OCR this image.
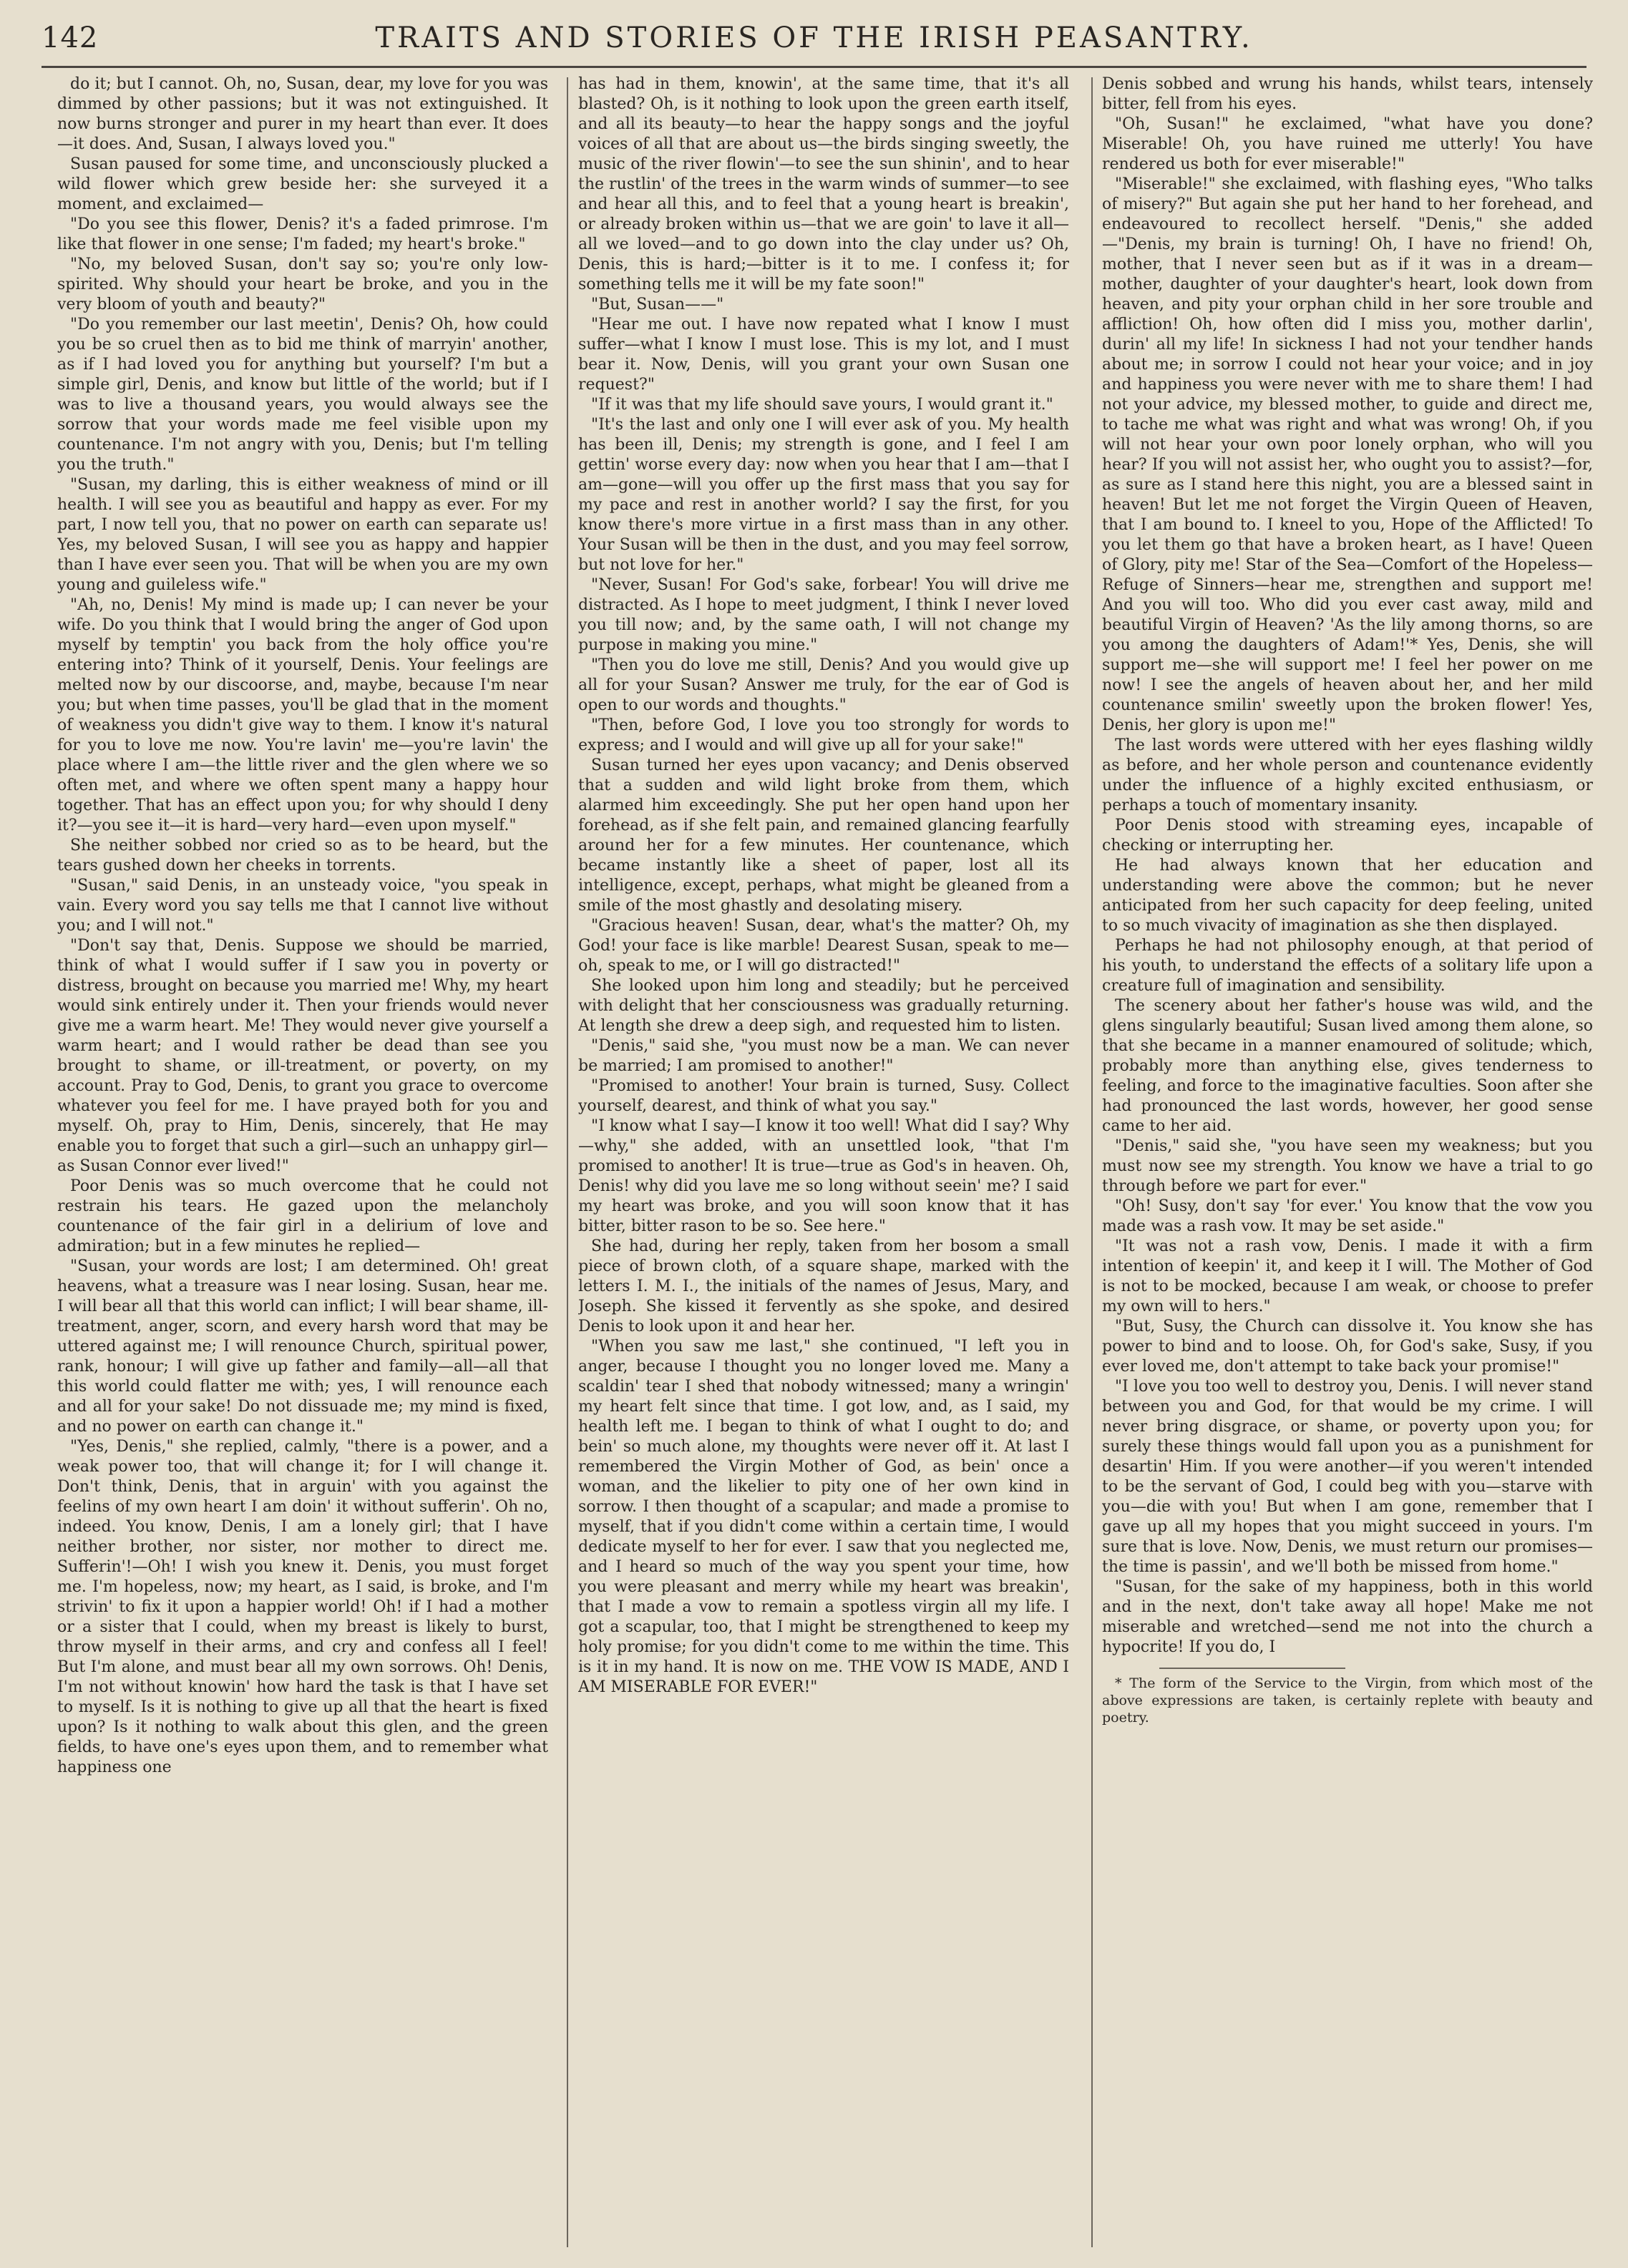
142	TRAITS AND STORIES OF THE IRISH PEASANTRY.

do it; but I cannot. Oh, no, Susan, dear, my love for you was dimmed by other passions; but it was not extinguished. It now burns stronger and purer in my heart than ever. It does—it does. And, Susan, I always loved you."

Susan paused for some time, and unconsciously plucked a wild flower which grew beside her: she surveyed it a moment, and exclaimed—

"Do you see this flower, Denis? it's a faded primrose. I'm like that flower in one sense; I'm faded; my heart's broke."

"No, my beloved Susan, don't say so; you're only low-spirited. Why should your heart be broke, and you in the very bloom of youth and beauty?"

"Do you remember our last meetin', Denis? Oh, how could you be so cruel then as to bid me think of marryin' another, as if I had loved you for anything but yourself? I'm but a simple girl, Denis, and know but little of the world; but if I was to live a thousand years, you would always see the sorrow that your words made me feel visible upon my countenance. I'm not angry with you, Denis; but I'm telling you the truth."

"Susan, my darling, this is either weakness of mind or ill health. I will see you as beautiful and happy as ever. For my part, I now tell you, that no power on earth can separate us! Yes, my beloved Susan, I will see you as happy and happier than I have ever seen you. That will be when you are my own young and guileless wife."

"Ah, no, Denis! My mind is made up; I can never be your wife. Do you think that I would bring the anger of God upon myself by temptin' you back from the holy office you're entering into? Think of it yourself, Denis. Your feelings are melted now by our discoorse, and, maybe, because I'm near you; but when time passes, you'll be glad that in the moment of weakness you didn't give way to them. I know it's natural for you to love me now. You're lavin' me—you're lavin' the place where I am—the little river and the glen where we so often met, and where we often spent many a happy hour together. That has an effect upon you; for why should I deny it?—you see it—it is hard—very hard—even upon myself."

She neither sobbed nor cried so as to be heard, but the tears gushed down her cheeks in torrents.

"Susan," said Denis, in an unsteady voice, "you speak in vain. Every word you say tells me that I cannot live without you; and I will not."

"Don't say that, Denis. Suppose we should be married, think of what I would suffer if I saw you in poverty or distress, brought on because you married me! Why, my heart would sink entirely under it. Then your friends would never give me a warm heart. Me! They would never give yourself a warm heart; and I would rather be dead than see you brought to shame, or ill-treatment, or poverty, on my account. Pray to God, Denis, to grant you grace to overcome whatever you feel for me. I have prayed both for you and myself. Oh, pray to Him, Denis, sincerely, that He may enable you to forget that such a girl—such an unhappy girl—as Susan Connor ever lived!"

Poor Denis was so much overcome that he could not restrain his tears. He gazed upon the melancholy countenance of the fair girl in a delirium of love and admiration; but in a few minutes he replied—

"Susan, your words are lost; I am determined. Oh! great heavens, what a treasure was I near losing. Susan, hear me. I will bear all that this world can inflict; I will bear shame, ill-treatment, anger, scorn, and every harsh word that may be uttered against me; I will renounce Church, spiritual power, rank, honour; I will give up father and family—all—all that this world could flatter me with; yes, I will renounce each and all for your sake! Do not dissuade me; my mind is fixed, and no power on earth can change it."

"Yes, Denis," she replied, calmly, "there is a power, and a weak power too, that will change it; for I will change it. Don't think, Denis, that in arguin' with you against the feelins of my own heart I am doin' it without sufferin'. Oh no, indeed. You know, Denis, I am a lonely girl; that I have neither brother, nor sister, nor mother to direct me. Sufferin'!—Oh! I wish you knew it. Denis, you must forget me. I'm hopeless, now; my heart, as I said, is broke, and I'm strivin' to fix it upon a happier world! Oh! if I had a mother or a sister that I could, when my breast is likely to burst, throw myself in their arms, and cry and confess all I feel! But I'm alone, and must bear all my own sorrows. Oh! Denis, I'm not without knowin' how hard the task is that I have set to myself. Is it is nothing to give up all that the heart is fixed upon? Is it nothing to walk about this glen, and the green fields, to have one's eyes upon them, and to remember what happiness one

has had in them, knowin', at the same time, that it's all blasted? Oh, is it nothing to look upon the green earth itself, and all its beauty—to hear the happy songs and the joyful voices of all that are about us—the birds singing sweetly, the music of the river flowin'—to see the sun shinin', and to hear the rustlin' of the trees in the warm winds of summer—to see and hear all this, and to feel that a young heart is breakin', or already broken within us—that we are goin' to lave it all—all we loved—and to go down into the clay under us? Oh, Denis, this is hard;—bitter is it to me. I confess it; for something tells me it will be my fate soon!"

"But, Susan——"

"Hear me out. I have now repated what I know I must suffer—what I know I must lose. This is my lot, and I must bear it. Now, Denis, will you grant your own Susan one request?"

"If it was that my life should save yours, I would grant it."

"It's the last and only one I will ever ask of you. My health has been ill, Denis; my strength is gone, and I feel I am gettin' worse every day: now when you hear that I am—that I am—gone—will you offer up the first mass that you say for my pace and rest in another world? I say the first, for you know there's more virtue in a first mass than in any other. Your Susan will be then in the dust, and you may feel sorrow, but not love for her."

"Never, Susan! For God's sake, forbear! You will drive me distracted. As I hope to meet judgment, I think I never loved you till now; and, by the same oath, I will not change my purpose in making you mine."

"Then you do love me still, Denis? And you would give up all for your Susan? Answer me truly, for the ear of God is open to our words and thoughts."

"Then, before God, I love you too strongly for words to express; and I would and will give up all for your sake!"

Susan turned her eyes upon vacancy; and Denis observed that a sudden and wild light broke from them, which alarmed him exceedingly. She put her open hand upon her forehead, as if she felt pain, and remained glancing fearfully around her for a few minutes. Her countenance, which became instantly like a sheet of paper, lost all its intelligence, except, perhaps, what might be gleaned from a smile of the most ghastly and desolating misery.

"Gracious heaven! Susan, dear, what's the matter? Oh, my God! your face is like marble! Dearest Susan, speak to me—oh, speak to me, or I will go distracted!"

She looked upon him long and steadily; but he perceived with delight that her consciousness was gradually returning. At length she drew a deep sigh, and requested him to listen.

"Denis," said she, "you must now be a man. We can never be married; I am promised to another!"

"Promised to another! Your brain is turned, Susy. Collect yourself, dearest, and think of what you say."

"I know what I say—I know it too well! What did I say? Why—why," she added, with an unsettled look, "that I'm promised to another! It is true—true as God's in heaven. Oh, Denis! why did you lave me so long without seein' me? I said my heart was broke, and you will soon know that it has bitter, bitter rason to be so. See here."

She had, during her reply, taken from her bosom a small piece of brown cloth, of a square shape, marked with the letters I. M. I., the initials of the names of Jesus, Mary, and Joseph. She kissed it fervently as she spoke, and desired Denis to look upon it and hear her.

"When you saw me last," she continued, "I left you in anger, because I thought you no longer loved me. Many a scaldin' tear I shed that nobody witnessed; many a wringin' my heart felt since that time. I got low, and, as I said, my health left me. I began to think of what I ought to do; and bein' so much alone, my thoughts were never off it. At last I remembered the Virgin Mother of God, as bein' once a woman, and the likelier to pity one of her own kind in sorrow. I then thought of a scapular; and made a promise to myself, that if you didn't come within a certain time, I would dedicate myself to her for ever. I saw that you neglected me, and I heard so much of the way you spent your time, how you were pleasant and merry while my heart was breakin', that I made a vow to remain a spotless virgin all my life. I got a scapular, too, that I might be strengthened to keep my holy promise; for you didn't come to me within the time. This is it in my hand. It is now on me. THE VOW IS MADE, AND I AM MISERABLE FOR EVER!"

Denis sobbed and wrung his hands, whilst tears, intensely bitter, fell from his eyes.

"Oh, Susan!" he exclaimed, "what have you done? Miserable! Oh, you have ruined me utterly! You have rendered us both for ever miserable!"

"Miserable!" she exclaimed, with flashing eyes, "Who talks of misery?" But again she put her hand to her forehead, and endeavoured to recollect herself. "Denis," she added—"Denis, my brain is turning! Oh, I have no friend! Oh, mother, that I never seen but as if it was in a dream—mother, daughter of your daughter's heart, look down from heaven, and pity your orphan child in her sore trouble and affliction! Oh, how often did I miss you, mother darlin', durin' all my life! In sickness I had not your tendher hands about me; in sorrow I could not hear your voice; and in joy and happiness you were never with me to share them! I had not your advice, my blessed mother, to guide and direct me, to tache me what was right and what was wrong! Oh, if you will not hear your own poor lonely orphan, who will you hear? If you will not assist her, who ought you to assist?—for, as sure as I stand here this night, you are a blessed saint in heaven! But let me not forget the Virgin Queen of Heaven, that I am bound to. I kneel to you, Hope of the Afflicted! To you let them go that have a broken heart, as I have! Queen of Glory, pity me! Star of the Sea—Comfort of the Hopeless—Refuge of Sinners—hear me, strengthen and support me! And you will too. Who did you ever cast away, mild and beautiful Virgin of Heaven? 'As the lily among thorns, so are you among the daughters of Adam!'* Yes, Denis, she will support me—she will support me! I feel her power on me now! I see the angels of heaven about her, and her mild countenance smilin' sweetly upon the broken flower! Yes, Denis, her glory is upon me!"

The last words were uttered with her eyes flashing wildly as before, and her whole person and countenance evidently under the influence of a highly excited enthusiasm, or perhaps a touch of momentary insanity.

Poor Denis stood with streaming eyes, incapable of checking or interrupting her.

He had always known that her education and understanding were above the common; but he never anticipated from her such capacity for deep feeling, united to so much vivacity of imagination as she then displayed.

Perhaps he had not philosophy enough, at that period of his youth, to understand the effects of a solitary life upon a creature full of imagination and sensibility.

The scenery about her father's house was wild, and the glens singularly beautiful; Susan lived among them alone, so that she became in a manner enamoured of solitude; which, probably more than anything else, gives tenderness to feeling, and force to the imaginative faculties. Soon after she had pronounced the last words, however, her good sense came to her aid.

"Denis," said she, "you have seen my weakness; but you must now see my strength. You know we have a trial to go through before we part for ever."

"Oh! Susy, don't say 'for ever.' You know that the vow you made was a rash vow. It may be set aside."

"It was not a rash vow, Denis. I made it with a firm intention of keepin' it, and keep it I will. The Mother of God is not to be mocked, because I am weak, or choose to prefer my own will to hers."

"But, Susy, the Church can dissolve it. You know she has power to bind and to loose. Oh, for God's sake, Susy, if you ever loved me, don't attempt to take back your promise!"

"I love you too well to destroy you, Denis. I will never stand between you and God, for that would be my crime. I will never bring disgrace, or shame, or poverty upon you; for surely these things would fall upon you as a punishment for desartin' Him. If you were another—if you weren't intended to be the servant of God, I could beg with you—starve with you—die with you! But when I am gone, remember that I gave up all my hopes that you might succeed in yours. I'm sure that is love. Now, Denis, we must return our promises—the time is passin', and we'll both be missed from home."

"Susan, for the sake of my happiness, both in this world and in the next, don't take away all hope! Make me not miserable and wretched—send me not into the church a hypocrite! If you do, I

* The form of the Service to the Virgin, from which most of the above expressions are taken, is certainly replete with beauty and poetry.
